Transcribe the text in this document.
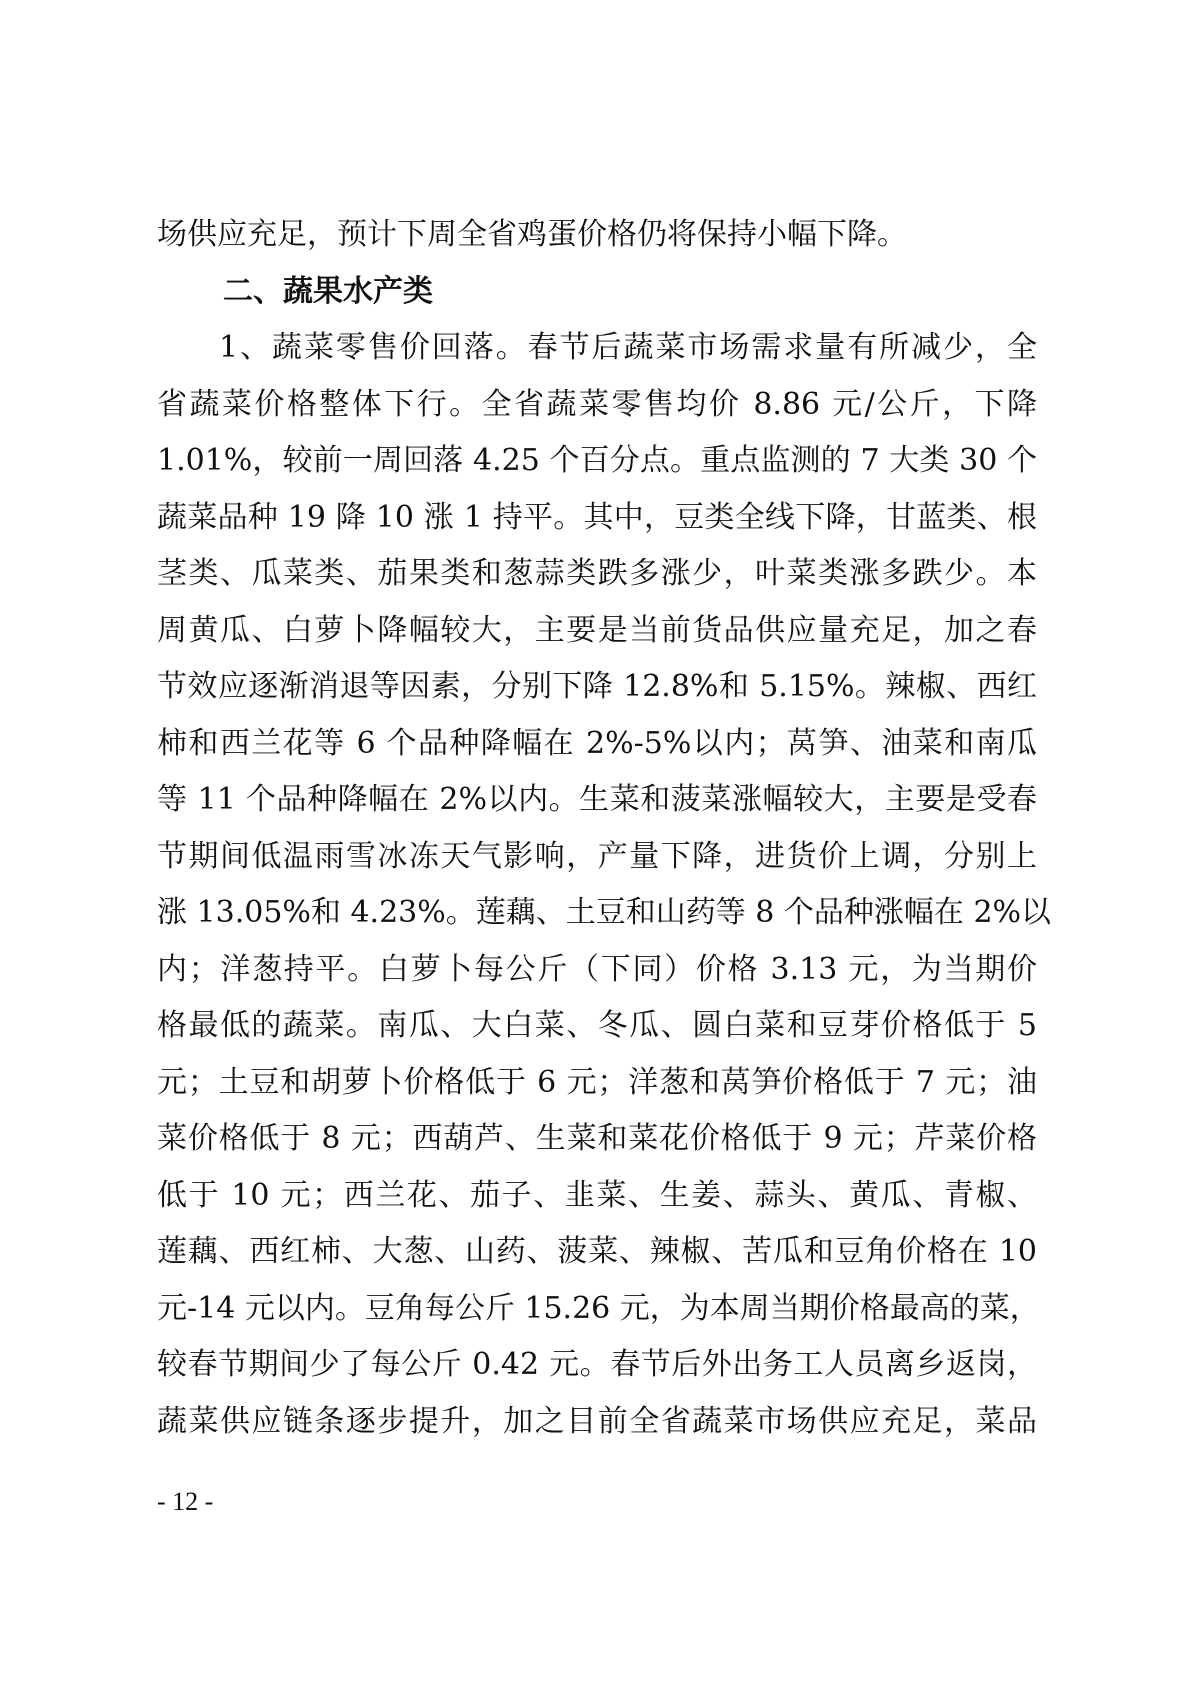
场供应充足，预计下周全省鸡蛋价格仍将保持小幅下降。
二、蔬果水产类
1、蔬菜零售价回落。春节后蔬菜市场需求量有所减少，全
省蔬菜价格整体下行。全省蔬菜零售均价 8.86 元/公斤，下降
1.01%，较前一周回落 4.25 个百分点。重点监测的 7 大类 30 个
蔬菜品种 19 降 10 涨 1 持平。其中，豆类全线下降，甘蓝类、根
茎类、瓜菜类、茄果类和葱蒜类跌多涨少，叶菜类涨多跌少。本
周黄瓜、白萝卜降幅较大，主要是当前货品供应量充足，加之春
节效应逐渐消退等因素，分别下降 12.8%和 5.15%。辣椒、西红
柿和西兰花等 6 个品种降幅在 2%-5%以内；莴笋、油菜和南瓜
等 11 个品种降幅在 2%以内。生菜和菠菜涨幅较大，主要是受春
节期间低温雨雪冰冻天气影响，产量下降，进货价上调，分别上
涨 13.05%和 4.23%。莲藕、土豆和山药等 8 个品种涨幅在 2%以
内；洋葱持平。白萝卜每公斤（下同）价格 3.13 元，为当期价
格最低的蔬菜。南瓜、大白菜、冬瓜、圆白菜和豆芽价格低于 5
元；土豆和胡萝卜价格低于 6 元；洋葱和莴笋价格低于 7 元；油
菜价格低于 8 元；西葫芦、生菜和菜花价格低于 9 元；芹菜价格
低于 10 元；西兰花、茄子、韭菜、生姜、蒜头、黄瓜、青椒、
莲藕、西红柿、大葱、山药、菠菜、辣椒、苦瓜和豆角价格在 10
元-14 元以内。豆角每公斤 15.26 元，为本周当期价格最高的菜，
较春节期间少了每公斤 0.42 元。春节后外出务工人员离乡返岗，
蔬菜供应链条逐步提升，加之目前全省蔬菜市场供应充足，菜品
- 12 -
